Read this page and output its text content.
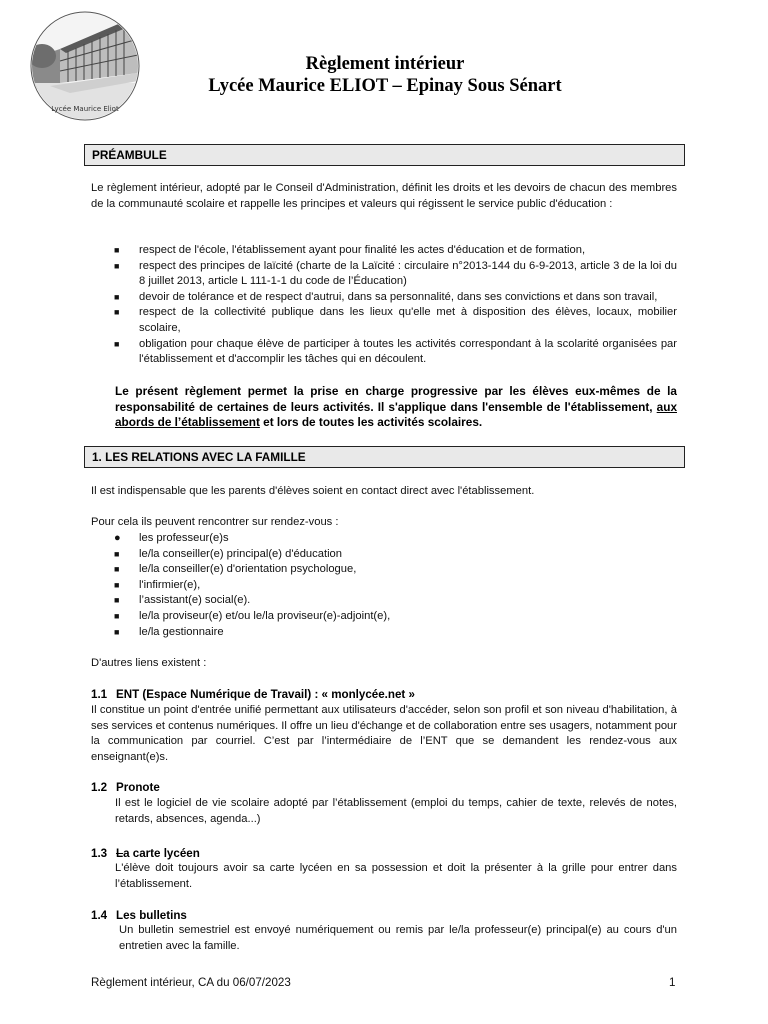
Lycée Maurice Eliot
Règlement intérieur
Lycée Maurice ELIOT – Epinay Sous Sénart
PRÉAMBULE
Le règlement intérieur, adopté par le Conseil d'Administration, définit les droits et les devoirs de chacun des membres de la communauté scolaire et rappelle les principes et valeurs qui régissent le service public d'éducation :
■ respect de l'école, l'établissement ayant pour finalité les actes d'éducation et de formation,
■ respect des principes de laïcité (charte de la Laïcité : circulaire n°2013-144 du 6-9-2013, article 3 de la loi du 8 juillet 2013, article L 111-1-1 du code de l’Éducation)
■ devoir de tolérance et de respect d'autrui, dans sa personnalité, dans ses convictions et dans son travail,
■ respect de la collectivité publique dans les lieux qu'elle met à disposition des élèves, locaux, mobilier scolaire,
■ obligation pour chaque élève de participer à toutes les activités correspondant à la scolarité organisées par l'établissement et d'accomplir les tâches qui en découlent.
Le présent règlement permet la prise en charge progressive par les élèves eux-mêmes de la responsabilité de certaines de leurs activités. Il s'applique dans l'ensemble de l'établissement, aux abords de l’établissement et lors de toutes les activités scolaires.
1. LES RELATIONS AVEC LA FAMILLE
Il est indispensable que les parents d'élèves soient en contact direct avec l'établissement.
Pour cela ils peuvent rencontrer sur rendez-vous :
● les professeur(e)s
■ le/la conseiller(e) principal(e) d'éducation
■ le/la conseiller(e) d'orientation psychologue,
■ l'infirmier(e),
■ l’assistant(e) social(e).
■ le/la proviseur(e) et/ou le/la proviseur(e)-adjoint(e),
■ le/la gestionnaire
D'autres liens existent :
1.1 ENT (Espace Numérique de Travail) : « monlycée.net »
Il constitue un point d'entrée unifié permettant aux utilisateurs d'accéder, selon son profil et son niveau d'habilitation, à ses services et contenus numériques. Il offre un lieu d'échange et de collaboration entre ses usagers, notamment pour la communication par courriel. C’est par l’intermédiaire de l’ENT que se demandent les rendez-vous aux enseignant(e)s.
1.2 Pronote
Il est le logiciel de vie scolaire adopté par l’établissement (emploi du temps, cahier de texte, relevés de notes, retards, absences, agenda...)
1.3 La carte lycéen
L'élève doit toujours avoir sa carte lycéen en sa possession et doit la présenter à la grille pour entrer dans l’établissement.
1.4 Les bulletins
Un bulletin semestriel est envoyé numériquement ou remis par le/la professeur(e) principal(e) au cours d'un entretien avec la famille.
Règlement intérieur, CA du 06/07/2023	1
